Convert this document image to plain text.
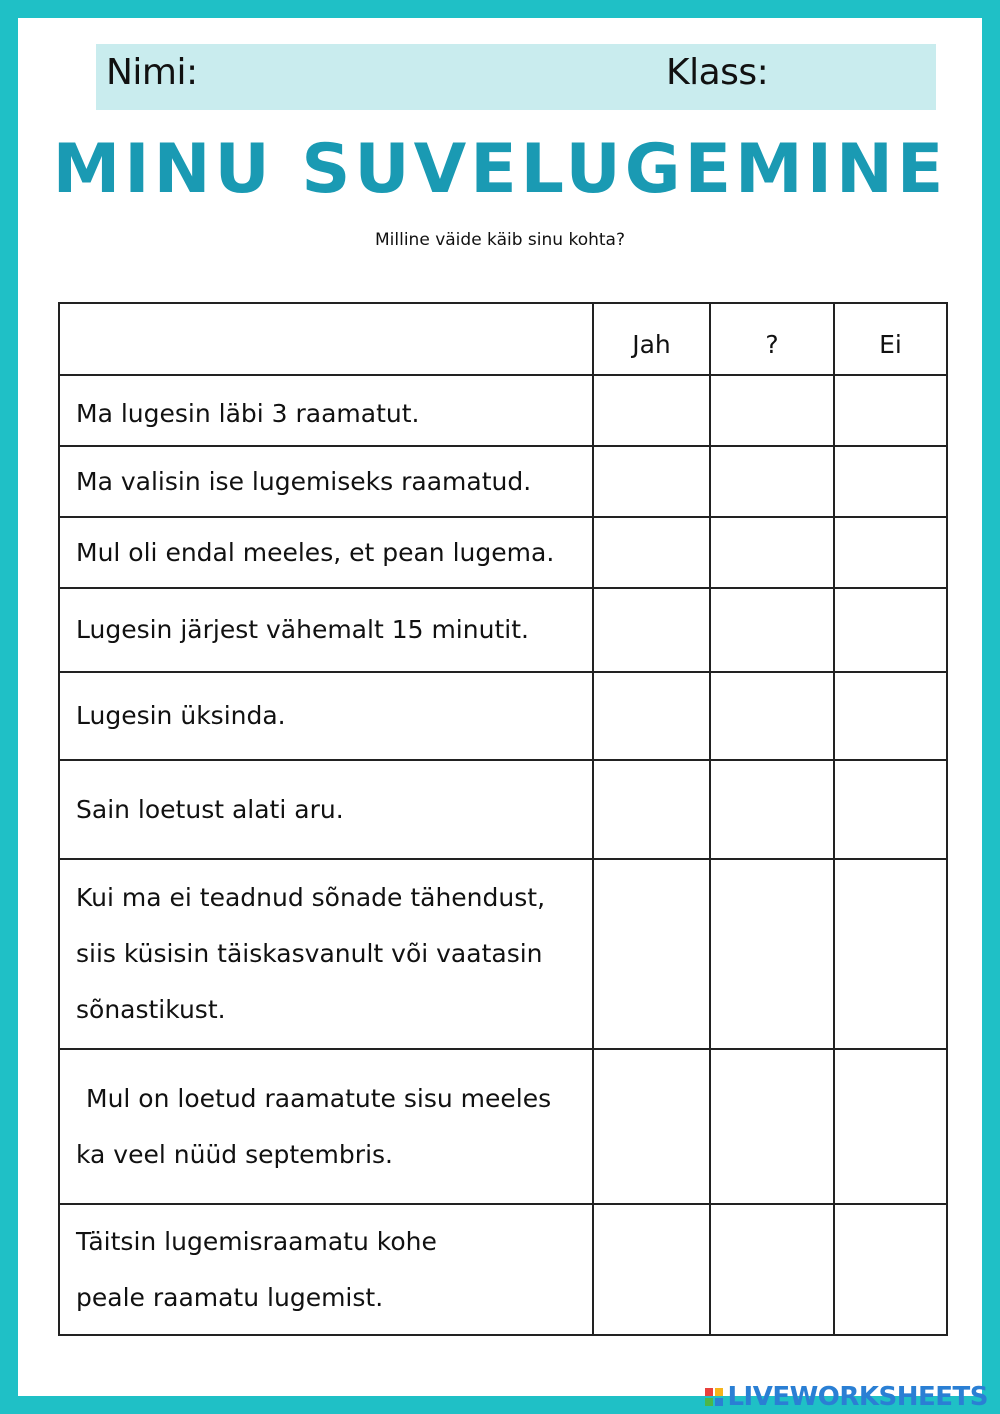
Nimi:	Klass:
MINU SUVELUGEMINE
Milline väide käib sinu kohta?
	Jah	?	Ei

Ma lugesin läbi 3 raamatut.			

Ma valisin ise lugemiseks raamatud.			

Mul oli endal meeles, et pean lugema.			

Lugesin järjest vähemalt 15 minutit.			

Lugesin üksinda.			

Sain loetust alati aru.			

Kui ma ei teadnud sõnade tähendust,
siis küsisin täiskasvanult või vaatasin
sõnastikust.			

Mul on loetud raamatute sisu meeles
ka veel nüüd septembris.			

Täitsin lugemisraamatu kohe
peale raamatu lugemist.			

LIVEWORKSHEETS
